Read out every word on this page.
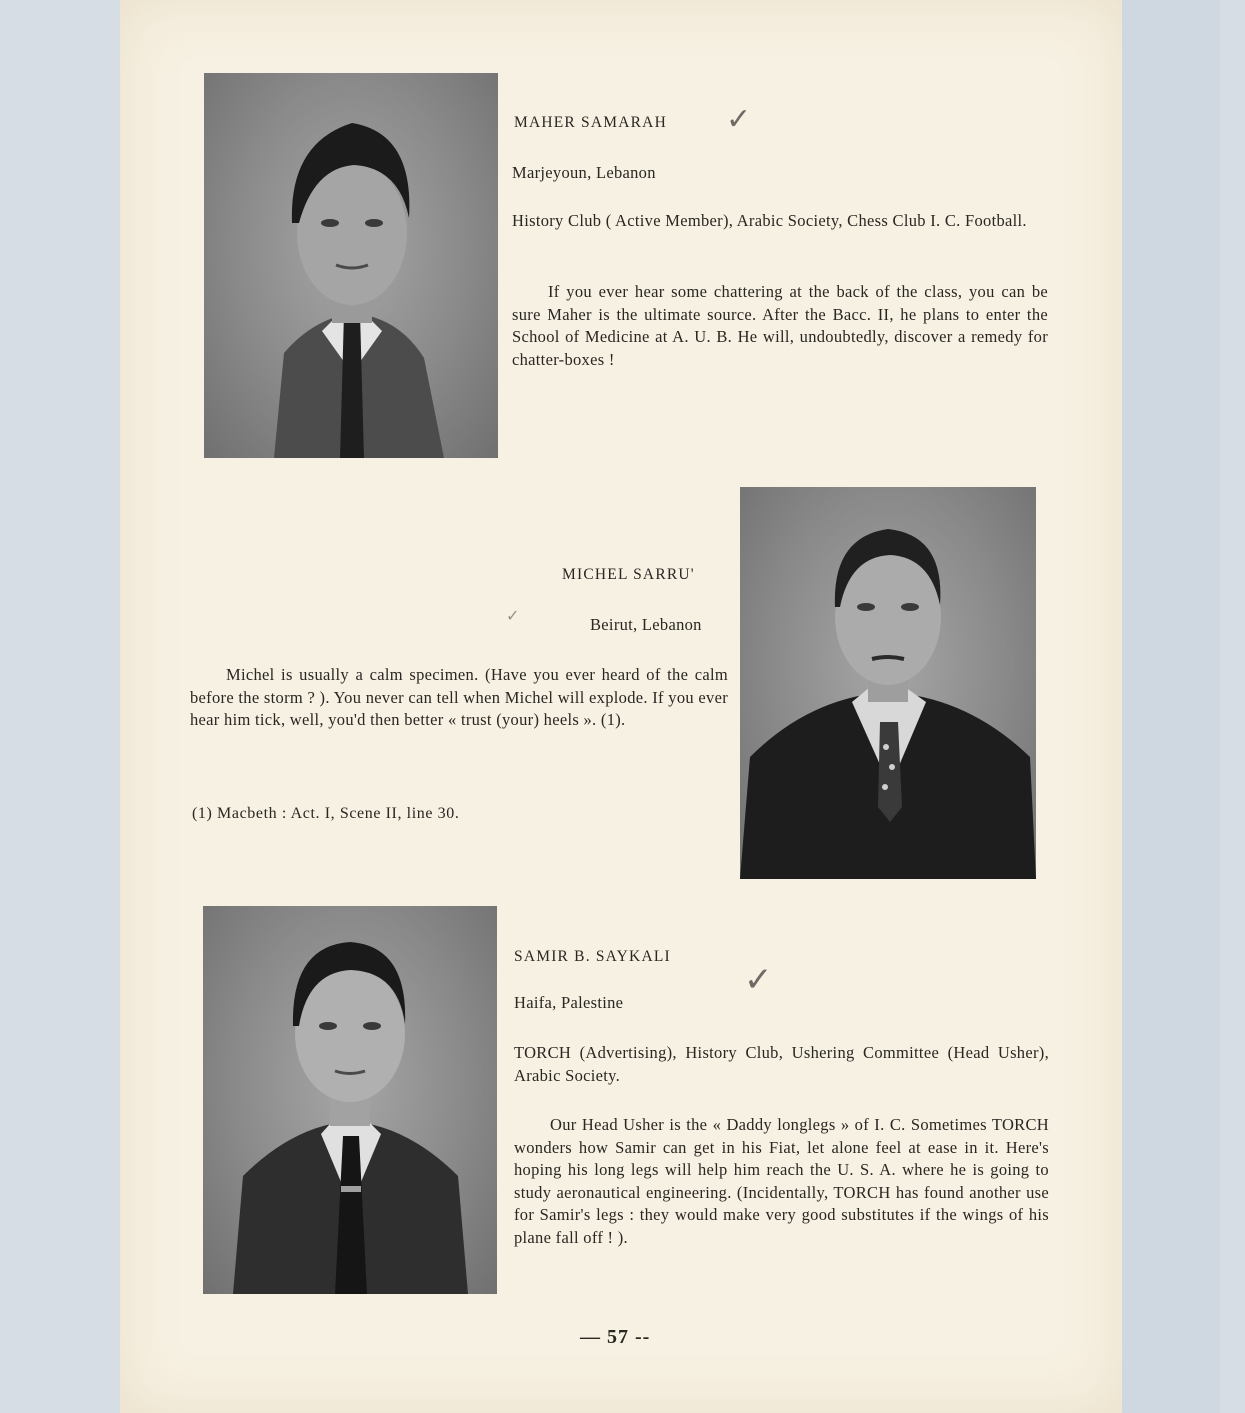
MAHER SAMARAH ✓
Marjeyoun, Lebanon
History Club ( Active Member), Arabic Society, Chess Club I. C. Football.
If you ever hear some chattering at the back of the class, you can be sure Maher is the ultimate source. After the Bacc. II, he plans to enter the School of Medicine at A. U. B. He will, undoubtedly, discover a remedy for chatter-boxes !
MICHEL SARRU'
✓	Beirut, Lebanon
Michel is usually a calm specimen. (Have you ever heard of the calm before the storm ? ). You never can tell when Michel will explode. If you ever hear him tick, well, you'd then better « trust (your) heels ». (1).
(1) Macbeth : Act. I, Scene II, line 30.
SAMIR B. SAYKALI
✓
Haifa, Palestine
TORCH (Advertising), History Club, Ushering Committee (Head Usher), Arabic Society.
Our Head Usher is the « Daddy longlegs » of I. C. Sometimes TORCH wonders how Samir can get in his Fiat, let alone feel at ease in it. Here's hoping his long legs will help him reach the U. S. A. where he is going to study aeronautical engineering. (Incidentally, TORCH has found another use for Samir's legs : they would make very good substitutes if the wings of his plane fall off ! ).
— 57 --
